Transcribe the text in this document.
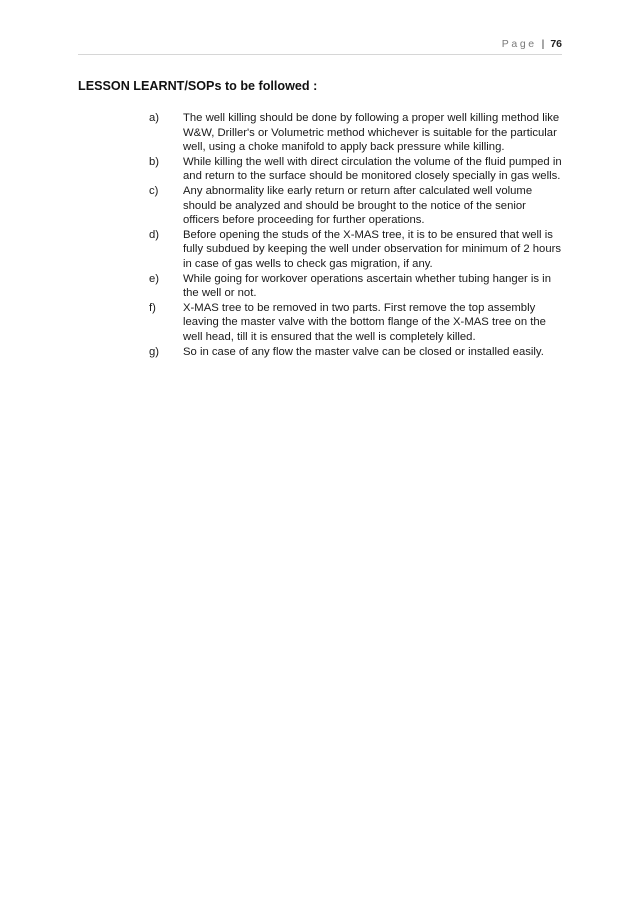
Page | 76
LESSON LEARNT/SOPs to be followed :
a)	The well killing should be done by following a proper well killing method like W&W, Driller's or Volumetric method whichever is suitable for the particular well, using a choke manifold to apply back pressure while killing.
b)	While killing the well with direct circulation the volume of the fluid pumped in and return to the surface should be monitored closely specially in gas wells.
c)	Any abnormality like early return or return after calculated well volume should be analyzed and should be brought to the notice of the senior officers before proceeding for further operations.
d)	Before opening the studs of the X-MAS tree, it is to be ensured that well is fully subdued by keeping the well under observation for minimum of 2 hours in case of gas wells to check gas migration, if any.
e)	While going for workover operations ascertain whether tubing hanger is in the well or not.
f)	X-MAS tree to be removed in two parts. First remove the top assembly leaving the master valve with the bottom flange of the X-MAS tree on the well head, till it is ensured that the well is completely killed.
g)	So in case of any flow the master valve can be closed or installed easily.
